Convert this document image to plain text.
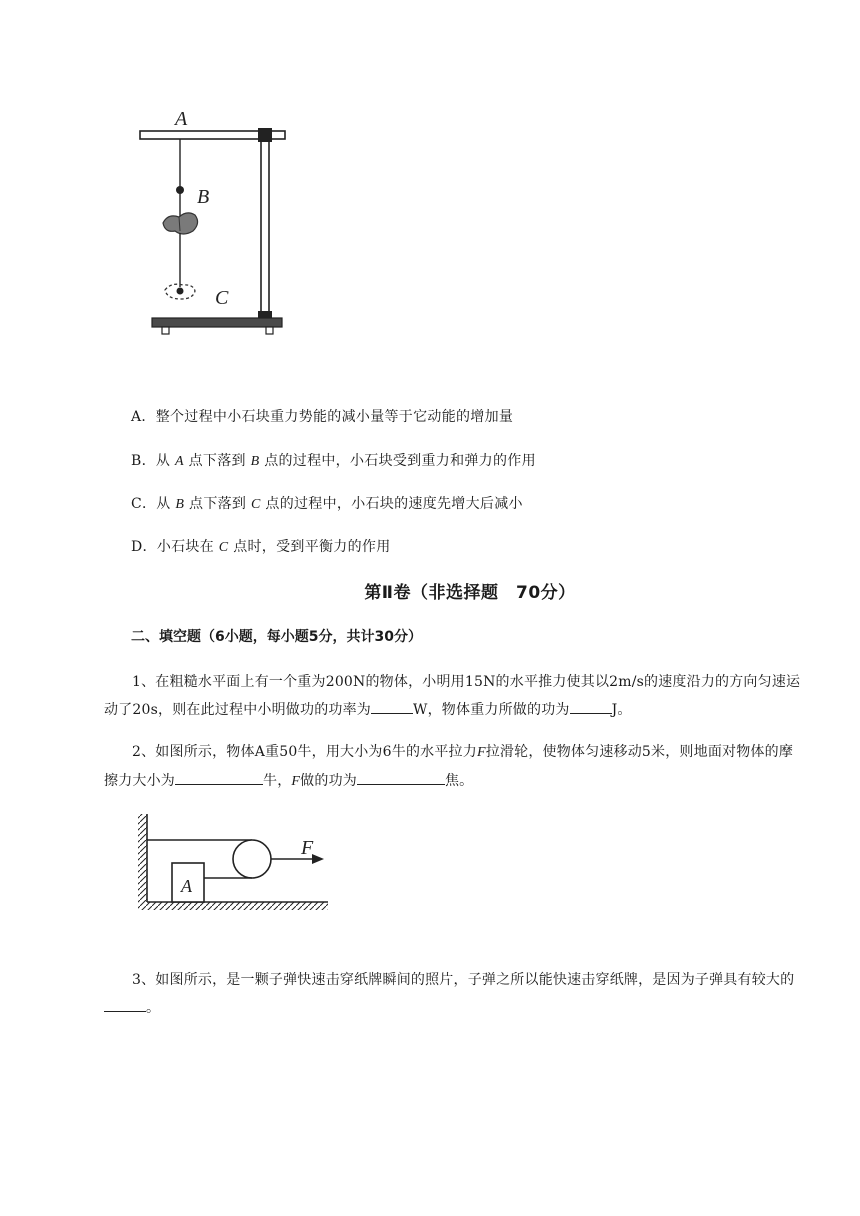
A
B
C
A．整个过程中小石块重力势能的减小量等于它动能的增加量
B．从 A 点下落到 B 点的过程中，小石块受到重力和弹力的作用
C．从 B 点下落到 C 点的过程中，小石块的速度先增大后减小
D．小石块在 C 点时，受到平衡力的作用
第Ⅱ卷（非选择题　70分）
二、填空题（6小题，每小题5分，共计30分）
1、在粗糙水平面上有一个重为200N的物体，小明用15N的水平推力使其以2m/s的速度沿力的方向匀速运动了20s，则在此过程中小明做功的功率为	W，物体重力所做的功为	J。
2、如图所示，物体A重50牛，用大小为6牛的水平拉力F拉滑轮，使物体匀速移动5米，则地面对物体的摩擦力大小为	牛，F做的功为	焦。
A
F
3、如图所示，是一颗子弹快速击穿纸牌瞬间的照片，子弹之所以能快速击穿纸牌，是因为子弹具有较大的。
